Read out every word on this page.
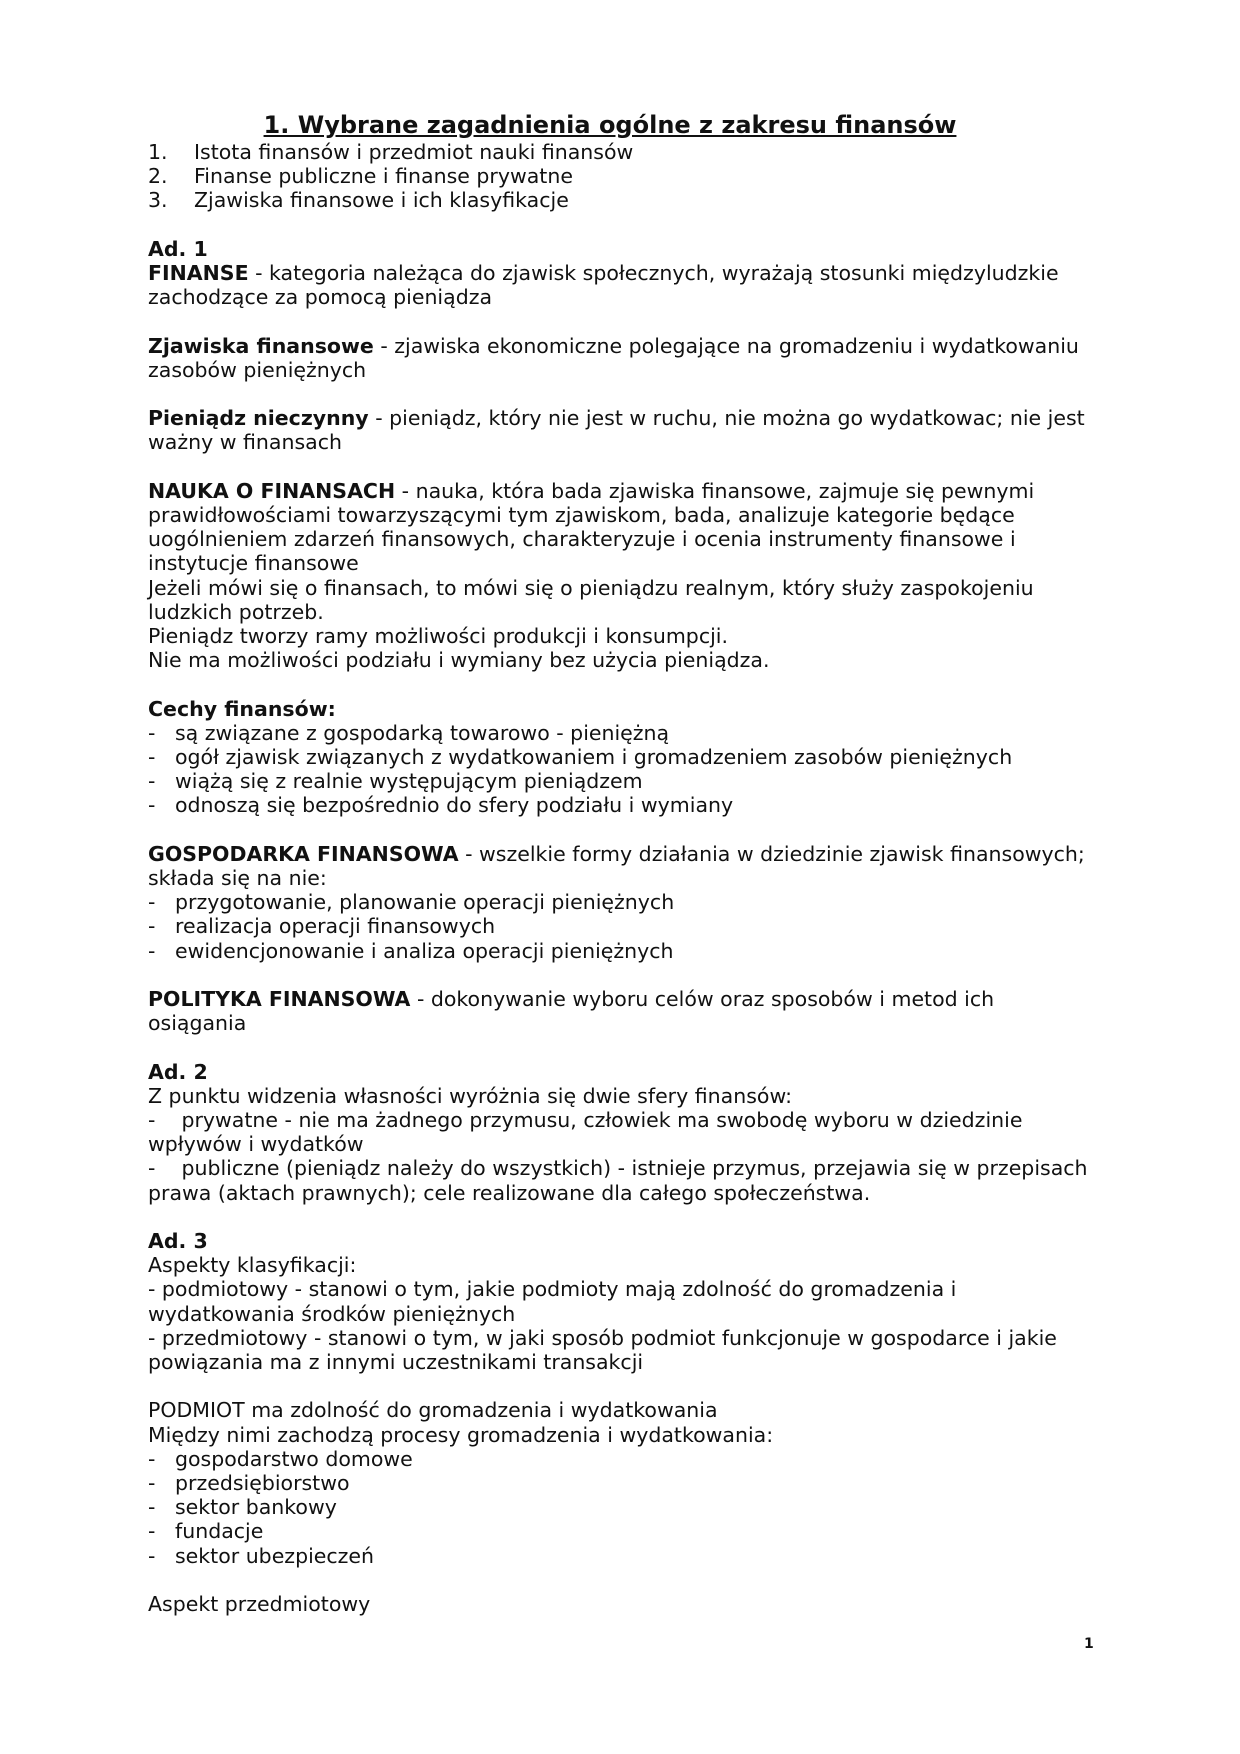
1. Wybrane zagadnienia ogólne z zakresu finansów
1.	Istota finansów i przedmiot nauki finansów
2.	Finanse publiczne i finanse prywatne
3.	Zjawiska finansowe i ich klasyfikacje

Ad. 1

FINANSE - kategoria należąca do zjawisk społecznych, wyrażają stosunki międzyludzkie zachodzące za pomocą pieniądza

Zjawiska finansowe - zjawiska ekonomiczne polegające na gromadzeniu i wydatkowaniu zasobów pieniężnych

Pieniądz nieczynny - pieniądz, który nie jest w ruchu, nie można go wydatkowac; nie jest ważny w finansach

NAUKA O FINANSACH - nauka, która bada zjawiska finansowe, zajmuje się pewnymi prawidłowościami towarzyszącymi tym zjawiskom, bada, analizuje kategorie będące uogólnieniem zdarzeń finansowych, charakteryzuje i ocenia instrumenty finansowe i instytucje finansowe

Jeżeli mówi się o finansach, to mówi się o pieniądzu realnym, który służy zaspokojeniu ludzkich potrzeb.

Pieniądz tworzy ramy możliwości produkcji i konsumpcji.

Nie ma możliwości podziału i wymiany bez użycia pieniądza.

Cechy finansów:

- są związane z gospodarką towarowo - pieniężną
- ogół zjawisk związanych z wydatkowaniem i gromadzeniem zasobów pieniężnych
- wiążą się z realnie występującym pieniądzem
- odnoszą się bezpośrednio do sfery podziału i wymiany

GOSPODARKA FINANSOWA - wszelkie formy działania w dziedzinie zjawisk finansowych; składa się na nie:

- przygotowanie, planowanie operacji pieniężnych
- realizacja operacji finansowych
- ewidencjonowanie i analiza operacji pieniężnych

POLITYKA FINANSOWA - dokonywanie wyboru celów oraz sposobów i metod ich osiągania

Ad. 2

Z punktu widzenia własności wyróżnia się dwie sfery finansów:

-    prywatne - nie ma żadnego przymusu, człowiek ma swobodę wyboru w dziedzinie wpływów i wydatków

-    publiczne (pieniądz należy do wszystkich) - istnieje przymus, przejawia się w przepisach prawa (aktach prawnych); cele realizowane dla całego społeczeństwa.

Ad. 3

Aspekty klasyfikacji:

- podmiotowy - stanowi o tym, jakie podmioty mają zdolność do gromadzenia i wydatkowania środków pieniężnych

- przedmiotowy - stanowi o tym, w jaki sposób podmiot funkcjonuje w gospodarce i jakie powiązania ma z innymi uczestnikami transakcji

PODMIOT ma zdolność do gromadzenia i wydatkowania

Między nimi zachodzą procesy gromadzenia i wydatkowania:

- gospodarstwo domowe
- przedsiębiorstwo
- sektor bankowy
- fundacje
- sektor ubezpieczeń

Aspekt przedmiotowy

1
